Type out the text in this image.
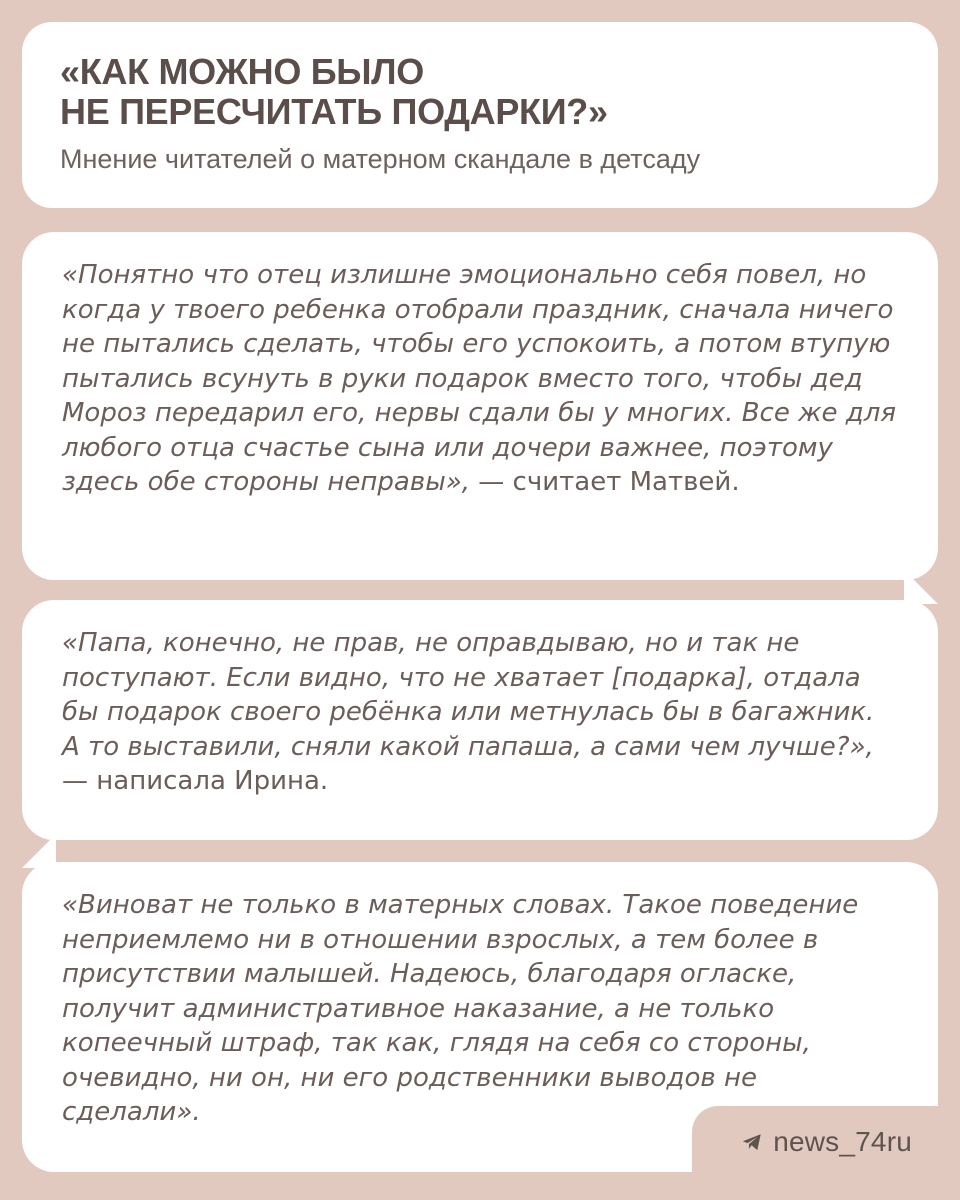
«КАК МОЖНО БЫЛО
НЕ ПЕРЕСЧИТАТЬ ПОДАРКИ?»

Мнение читателей о матерном скандале в детсаду

«Понятно что отец излишне эмоционально себя повел, но когда у твоего ребенка отобрали праздник, сначала ничего не пытались сделать, чтобы его успокоить, а потом втупую пытались всунуть в руки подарок вместо того, чтобы дед Мороз передарил его, нервы сдали бы у многих. Все же для любого отца счастье сына или дочери важнее, поэтому здесь обе стороны неправы», — считает Матвей.

«Папа, конечно, не прав, не оправдываю, но и так не поступают. Если видно, что не хватает [подарка], отдала бы подарок своего ребёнка или метнулась бы в багажник. А то выставили, сняли какой папаша, а сами чем лучше?», — написала Ирина.

«Виноват не только в матерных словах. Такое поведение неприемлемо ни в отношении взрослых, а тем более в присутствии малышей. Надеюсь, благодаря огласке, получит административное наказание, а не только копеечный штраф, так как, глядя на себя со стороны, очевидно, ни он, ни его родственники выводов не сделали».

news_74ru
